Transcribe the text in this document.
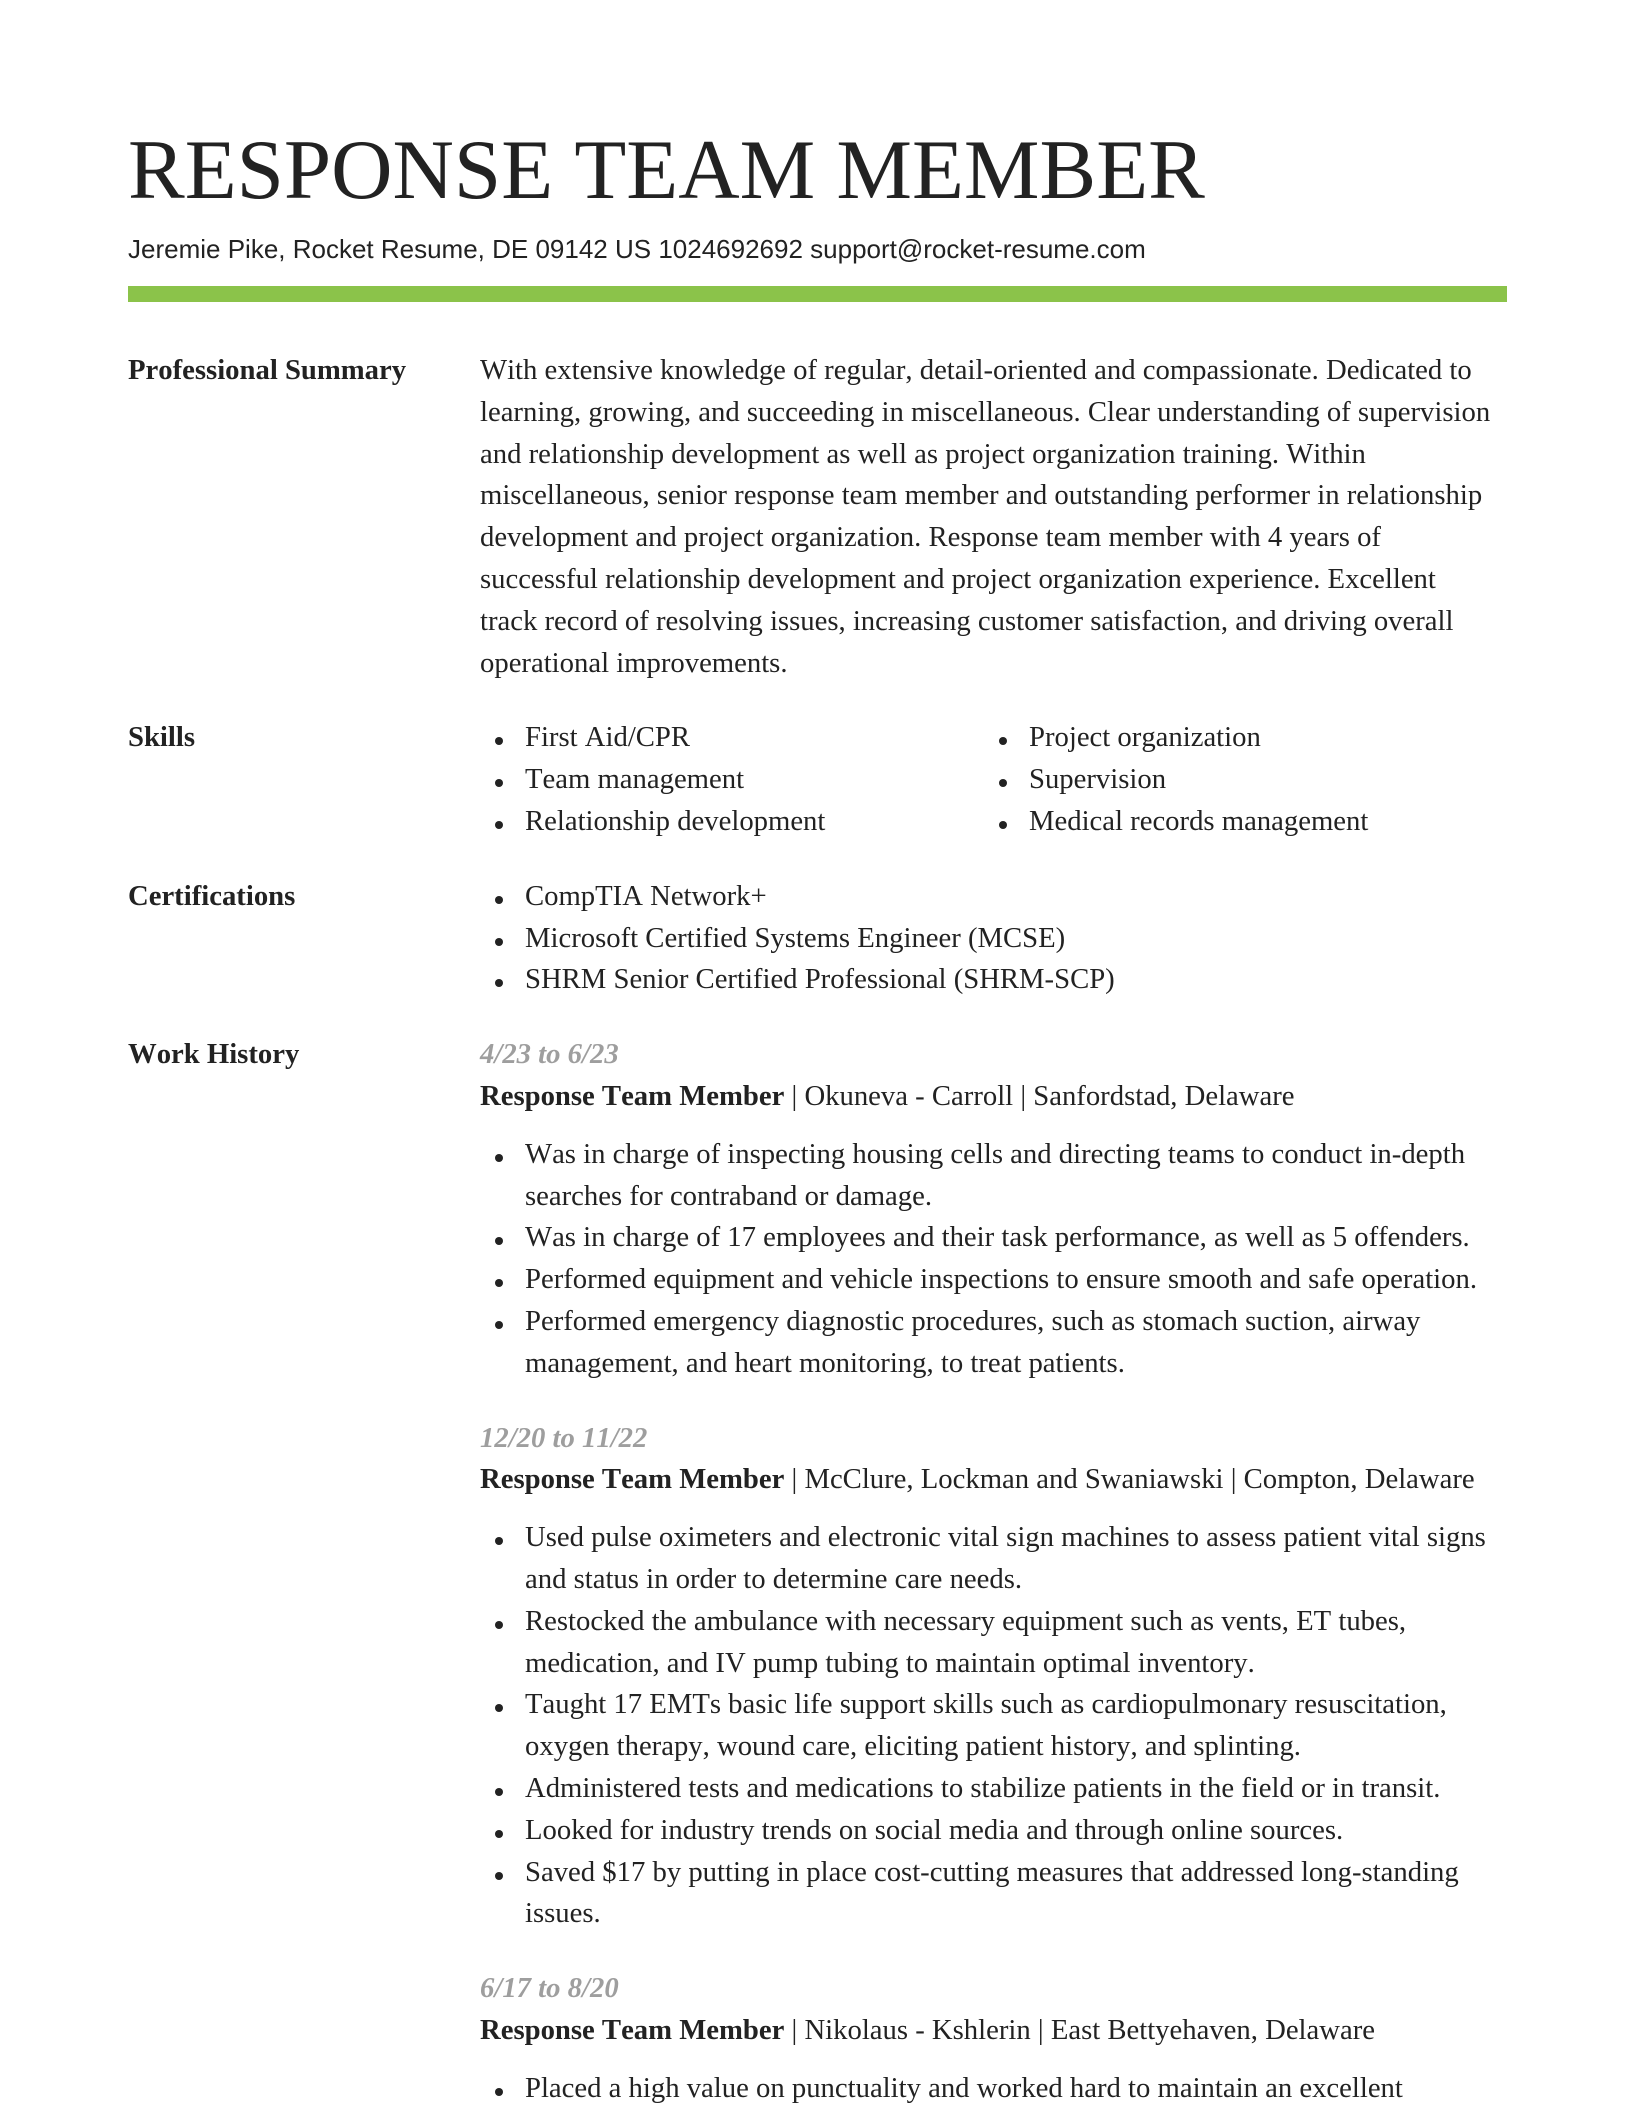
RESPONSE TEAM MEMBER
Jeremie Pike, Rocket Resume, DE 09142 US 1024692692 support@rocket-resume.com
Professional Summary	With extensive knowledge of regular, detail-oriented and compassionate. Dedicated to
learning, growing, and succeeding in miscellaneous. Clear understanding of supervision
and relationship development as well as project organization training. Within
miscellaneous, senior response team member and outstanding performer in relationship
development and project organization. Response team member with 4 years of
successful relationship development and project organization experience. Excellent
track record of resolving issues, increasing customer satisfaction, and driving overall
operational improvements.
Skills	First Aid/CPR
Team management
Relationship development
Project organization
Supervision
Medical records management
Certifications	CompTIA Network+
Microsoft Certified Systems Engineer (MCSE)
SHRM Senior Certified Professional (SHRM-SCP)
Work History	4/23 to 6/23
Response Team Member | Okuneva - Carroll | Sanfordstad, Delaware
Was in charge of inspecting housing cells and directing teams to conduct in-depth searches for contraband or damage.
Was in charge of 17 employees and their task performance, as well as 5 offenders.
Performed equipment and vehicle inspections to ensure smooth and safe operation.
Performed emergency diagnostic procedures, such as stomach suction, airway management, and heart monitoring, to treat patients.
12/20 to 11/22
Response Team Member | McClure, Lockman and Swaniawski | Compton, Delaware
Used pulse oximeters and electronic vital sign machines to assess patient vital signs and status in order to determine care needs.
Restocked the ambulance with necessary equipment such as vents, ET tubes, medication, and IV pump tubing to maintain optimal inventory.
Taught 17 EMTs basic life support skills such as cardiopulmonary resuscitation, oxygen therapy, wound care, eliciting patient history, and splinting.
Administered tests and medications to stabilize patients in the field or in transit.
Looked for industry trends on social media and through online sources.
Saved $17 by putting in place cost-cutting measures that addressed long-standing issues.
6/17 to 8/20
Response Team Member | Nikolaus - Kshlerin | East Bettyehaven, Delaware
Placed a high value on punctuality and worked hard to maintain an excellent
